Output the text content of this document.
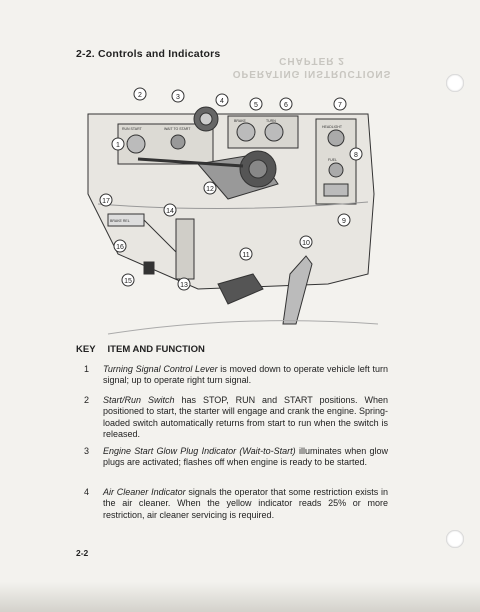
2-2. Controls and Indicators
CHAPTER 2
OPERATING INSTRUCTIONS
2	3
4
5	6	7
1
8
9
10
11
12
13
14
15
16
17
RUN START	WAIT TO START
BRAKE	TURN
HEADLIGHT
FUEL
BRAKE REL
KEY ITEM AND FUNCTION
1 Turning Signal Control Lever is moved down to operate vehicle left turn signal; up to operate right turn signal.
2 Start/Run Switch has STOP, RUN and START positions. When positioned to start, the starter will engage and crank the engine. Spring-loaded switch automatically returns from start to run when the switch is released.
3 Engine Start Glow Plug Indicator (Wait-to-Start) illuminates when glow plugs are activated; flashes off when engine is ready to be started.
4 Air Cleaner Indicator signals the operator that some restriction exists in the air cleaner. When the yellow indicator reads 25% or more restriction, air cleaner servicing is required.
2-2
